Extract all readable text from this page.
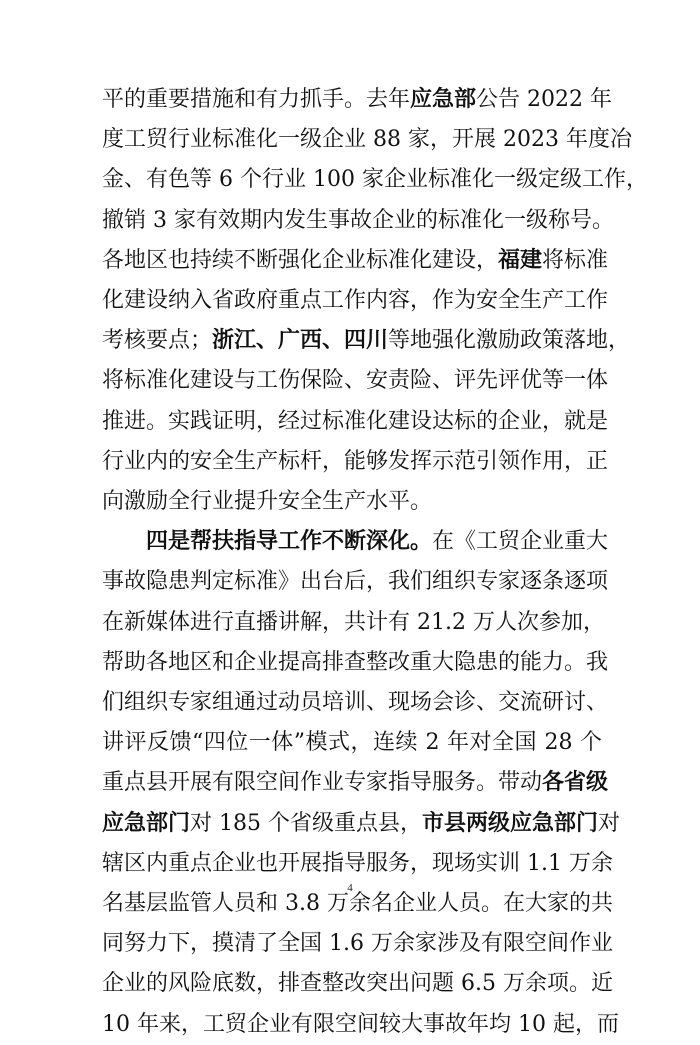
平的重要措施和有力抓手。去年应急部公告 2022 年
度工贸行业标准化一级企业 88 家，开展 2023 年度冶
金、有色等 6 个行业 100 家企业标准化一级定级工作，
撤销 3 家有效期内发生事故企业的标准化一级称号。
各地区也持续不断强化企业标准化建设，福建将标准
化建设纳入省政府重点工作内容，作为安全生产工作
考核要点；浙江、广西、四川等地强化激励政策落地，
将标准化建设与工伤保险、安责险、评先评优等一体
推进。实践证明，经过标准化建设达标的企业，就是
行业内的安全生产标杆，能够发挥示范引领作用，正
向激励全行业提升安全生产水平。
四是帮扶指导工作不断深化。在《工贸企业重大
事故隐患判定标准》出台后，我们组织专家逐条逐项
在新媒体进行直播讲解，共计有 21.2 万人次参加，
帮助各地区和企业提高排查整改重大隐患的能力。我
们组织专家组通过动员培训、现场会诊、交流研讨、
讲评反馈“四位一体”模式，连续 2 年对全国 28 个
重点县开展有限空间作业专家指导服务。带动各省级
应急部门对 185 个省级重点县，市县两级应急部门对
辖区内重点企业也开展指导服务，现场实训 1.1 万余
名基层监管人员和 3.8 万余名企业人员。在大家的共
同努力下，摸清了全国 1.6 万余家涉及有限空间作业
企业的风险底数，排查整改突出问题 6.5 万余项。近
10 年来，工贸企业有限空间较大事故年均 10 起，而
4
